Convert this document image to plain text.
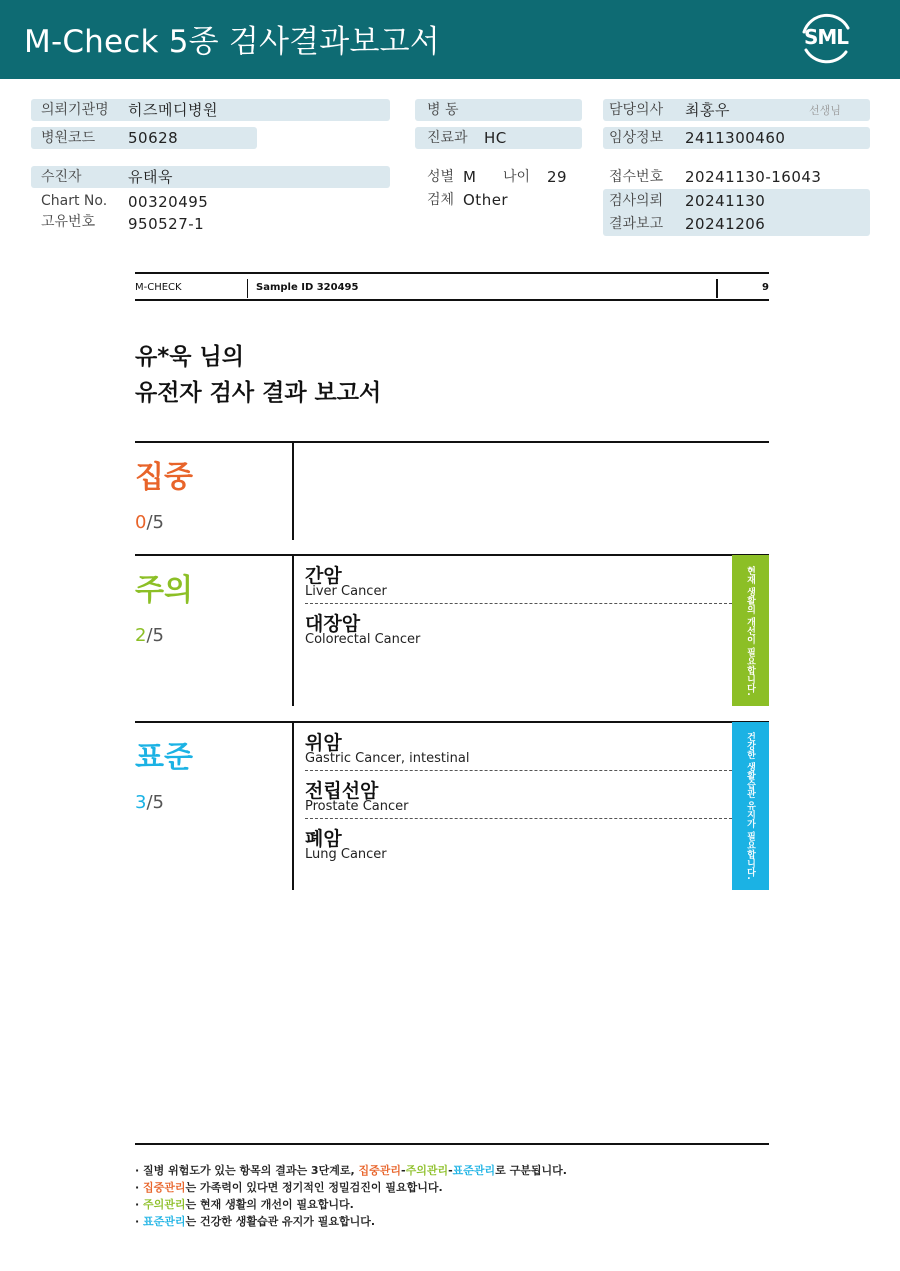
M-Check 5종 검사결과보고서	SML
의뢰기관명 히즈메디병원
병원코드 50628
수진자	유태욱
Chart No. 00320495
고유번호 950527-1
병 동
진료과 HC
성별 M 나이 29
검체 Other
담당의사 최홍우	선생님
임상정보 2411300460
접수번호 20241130-16043
검사의뢰 20241130
결과보고 20241206
M-CHECK	Sample ID 320495	9
유*욱 님의
유전자 검사 결과 보고서
집중
0/5
주의
2/5
간암
Liver Cancer
대장암
Colorectal Cancer	현재 생활의 개선이 필요합니다.
표준
3/5
위암
Gastric Cancer, intestinal
전립선암
Prostate Cancer
폐암
Lung Cancer	건강한 생활습관 유지가 필요합니다.
· 질병 위험도가 있는 항목의 결과는 3단계로, 집중관리-주의관리-표준관리로 구분됩니다.
· 집중관리는 가족력이 있다면 정기적인 정밀검진이 필요합니다.
· 주의관리는 현재 생활의 개선이 필요합니다.
· 표준관리는 건강한 생활습관 유지가 필요합니다.
